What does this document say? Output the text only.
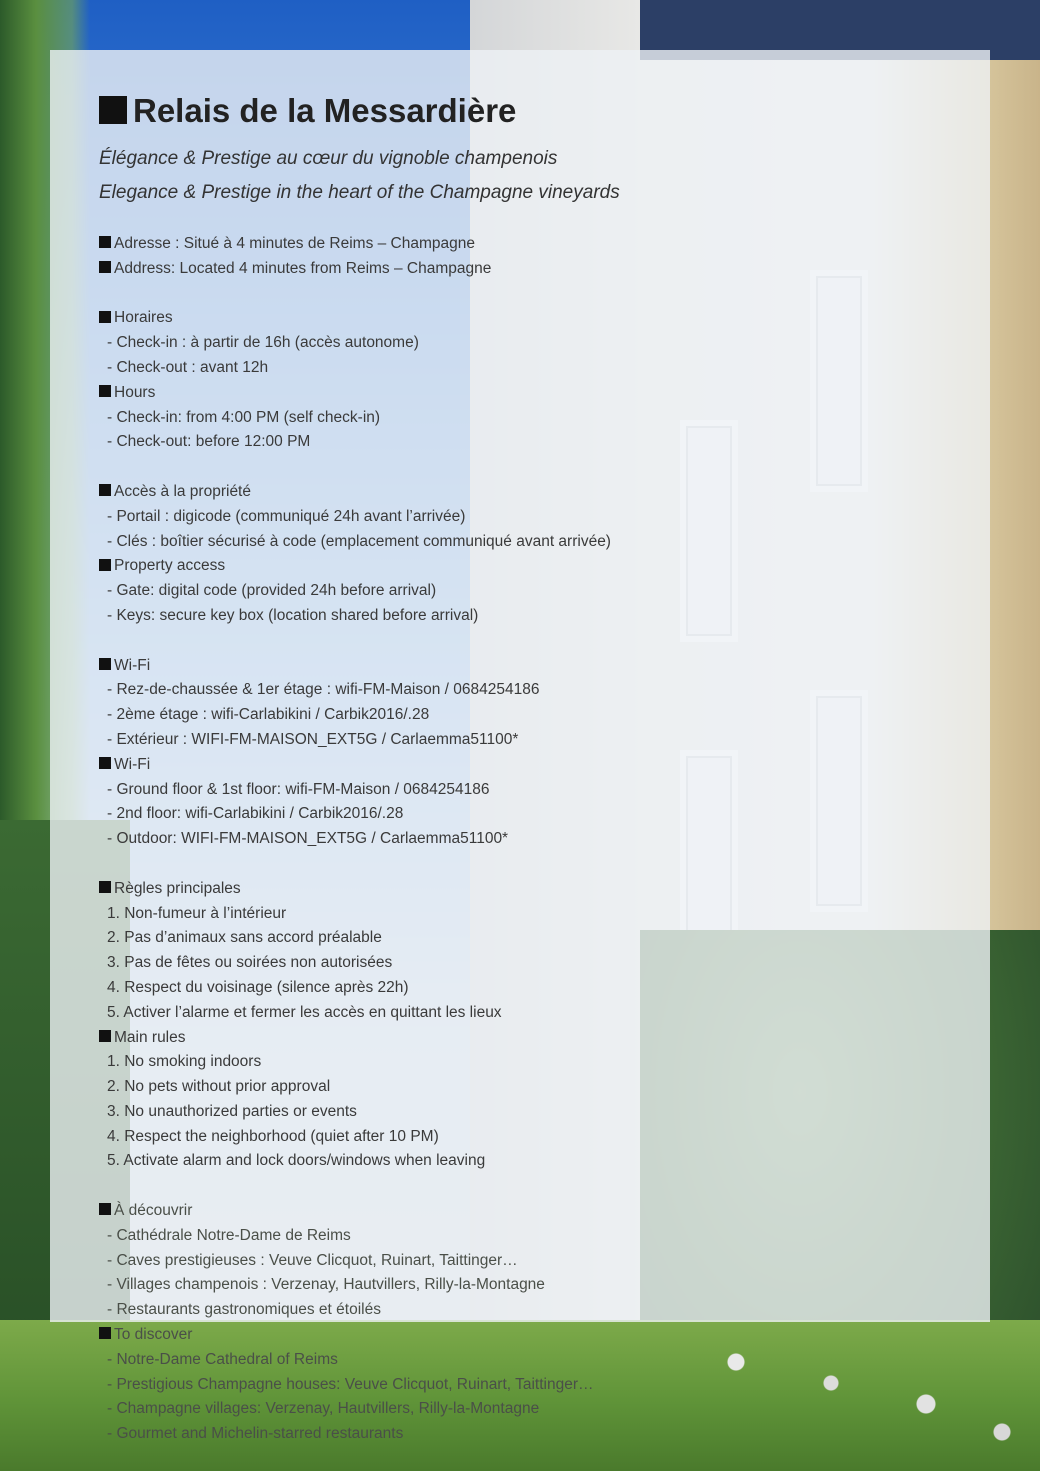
Relais de la Messardière
Élégance & Prestige au cœur du vignoble champenois
Elegance & Prestige in the heart of the Champagne vineyards
Adresse : Situé à 4 minutes de Reims – Champagne
Address: Located 4 minutes from Reims – Champagne
Horaires
- Check-in : à partir de 16h (accès autonome)
- Check-out : avant 12h
Hours
- Check-in: from 4:00 PM (self check-in)
- Check-out: before 12:00 PM
Accès à la propriété
- Portail : digicode (communiqué 24h avant l’arrivée)
- Clés : boîtier sécurisé à code (emplacement communiqué avant arrivée)
Property access
- Gate: digital code (provided 24h before arrival)
- Keys: secure key box (location shared before arrival)
Wi-Fi
- Rez-de-chaussée & 1er étage : wifi-FM-Maison / 0684254186
- 2ème étage : wifi-Carlabikini / Carbik2016/.28
- Extérieur : WIFI-FM-MAISON_EXT5G / Carlaemma51100*
Wi-Fi
- Ground floor & 1st floor: wifi-FM-Maison / 0684254186
- 2nd floor: wifi-Carlabikini / Carbik2016/.28
- Outdoor: WIFI-FM-MAISON_EXT5G / Carlaemma51100*
Règles principales
1. Non-fumeur à l’intérieur
2. Pas d’animaux sans accord préalable
3. Pas de fêtes ou soirées non autorisées
4. Respect du voisinage (silence après 22h)
5. Activer l’alarme et fermer les accès en quittant les lieux
Main rules
1. No smoking indoors
2. No pets without prior approval
3. No unauthorized parties or events
4. Respect the neighborhood (quiet after 10 PM)
5. Activate alarm and lock doors/windows when leaving
À découvrir
- Cathédrale Notre-Dame de Reims
- Caves prestigieuses : Veuve Clicquot, Ruinart, Taittinger…
- Villages champenois : Verzenay, Hautvillers, Rilly-la-Montagne
- Restaurants gastronomiques et étoilés
To discover
- Notre-Dame Cathedral of Reims
- Prestigious Champagne houses: Veuve Clicquot, Ruinart, Taittinger…
- Champagne villages: Verzenay, Hautvillers, Rilly-la-Montagne
- Gourmet and Michelin-starred restaurants
